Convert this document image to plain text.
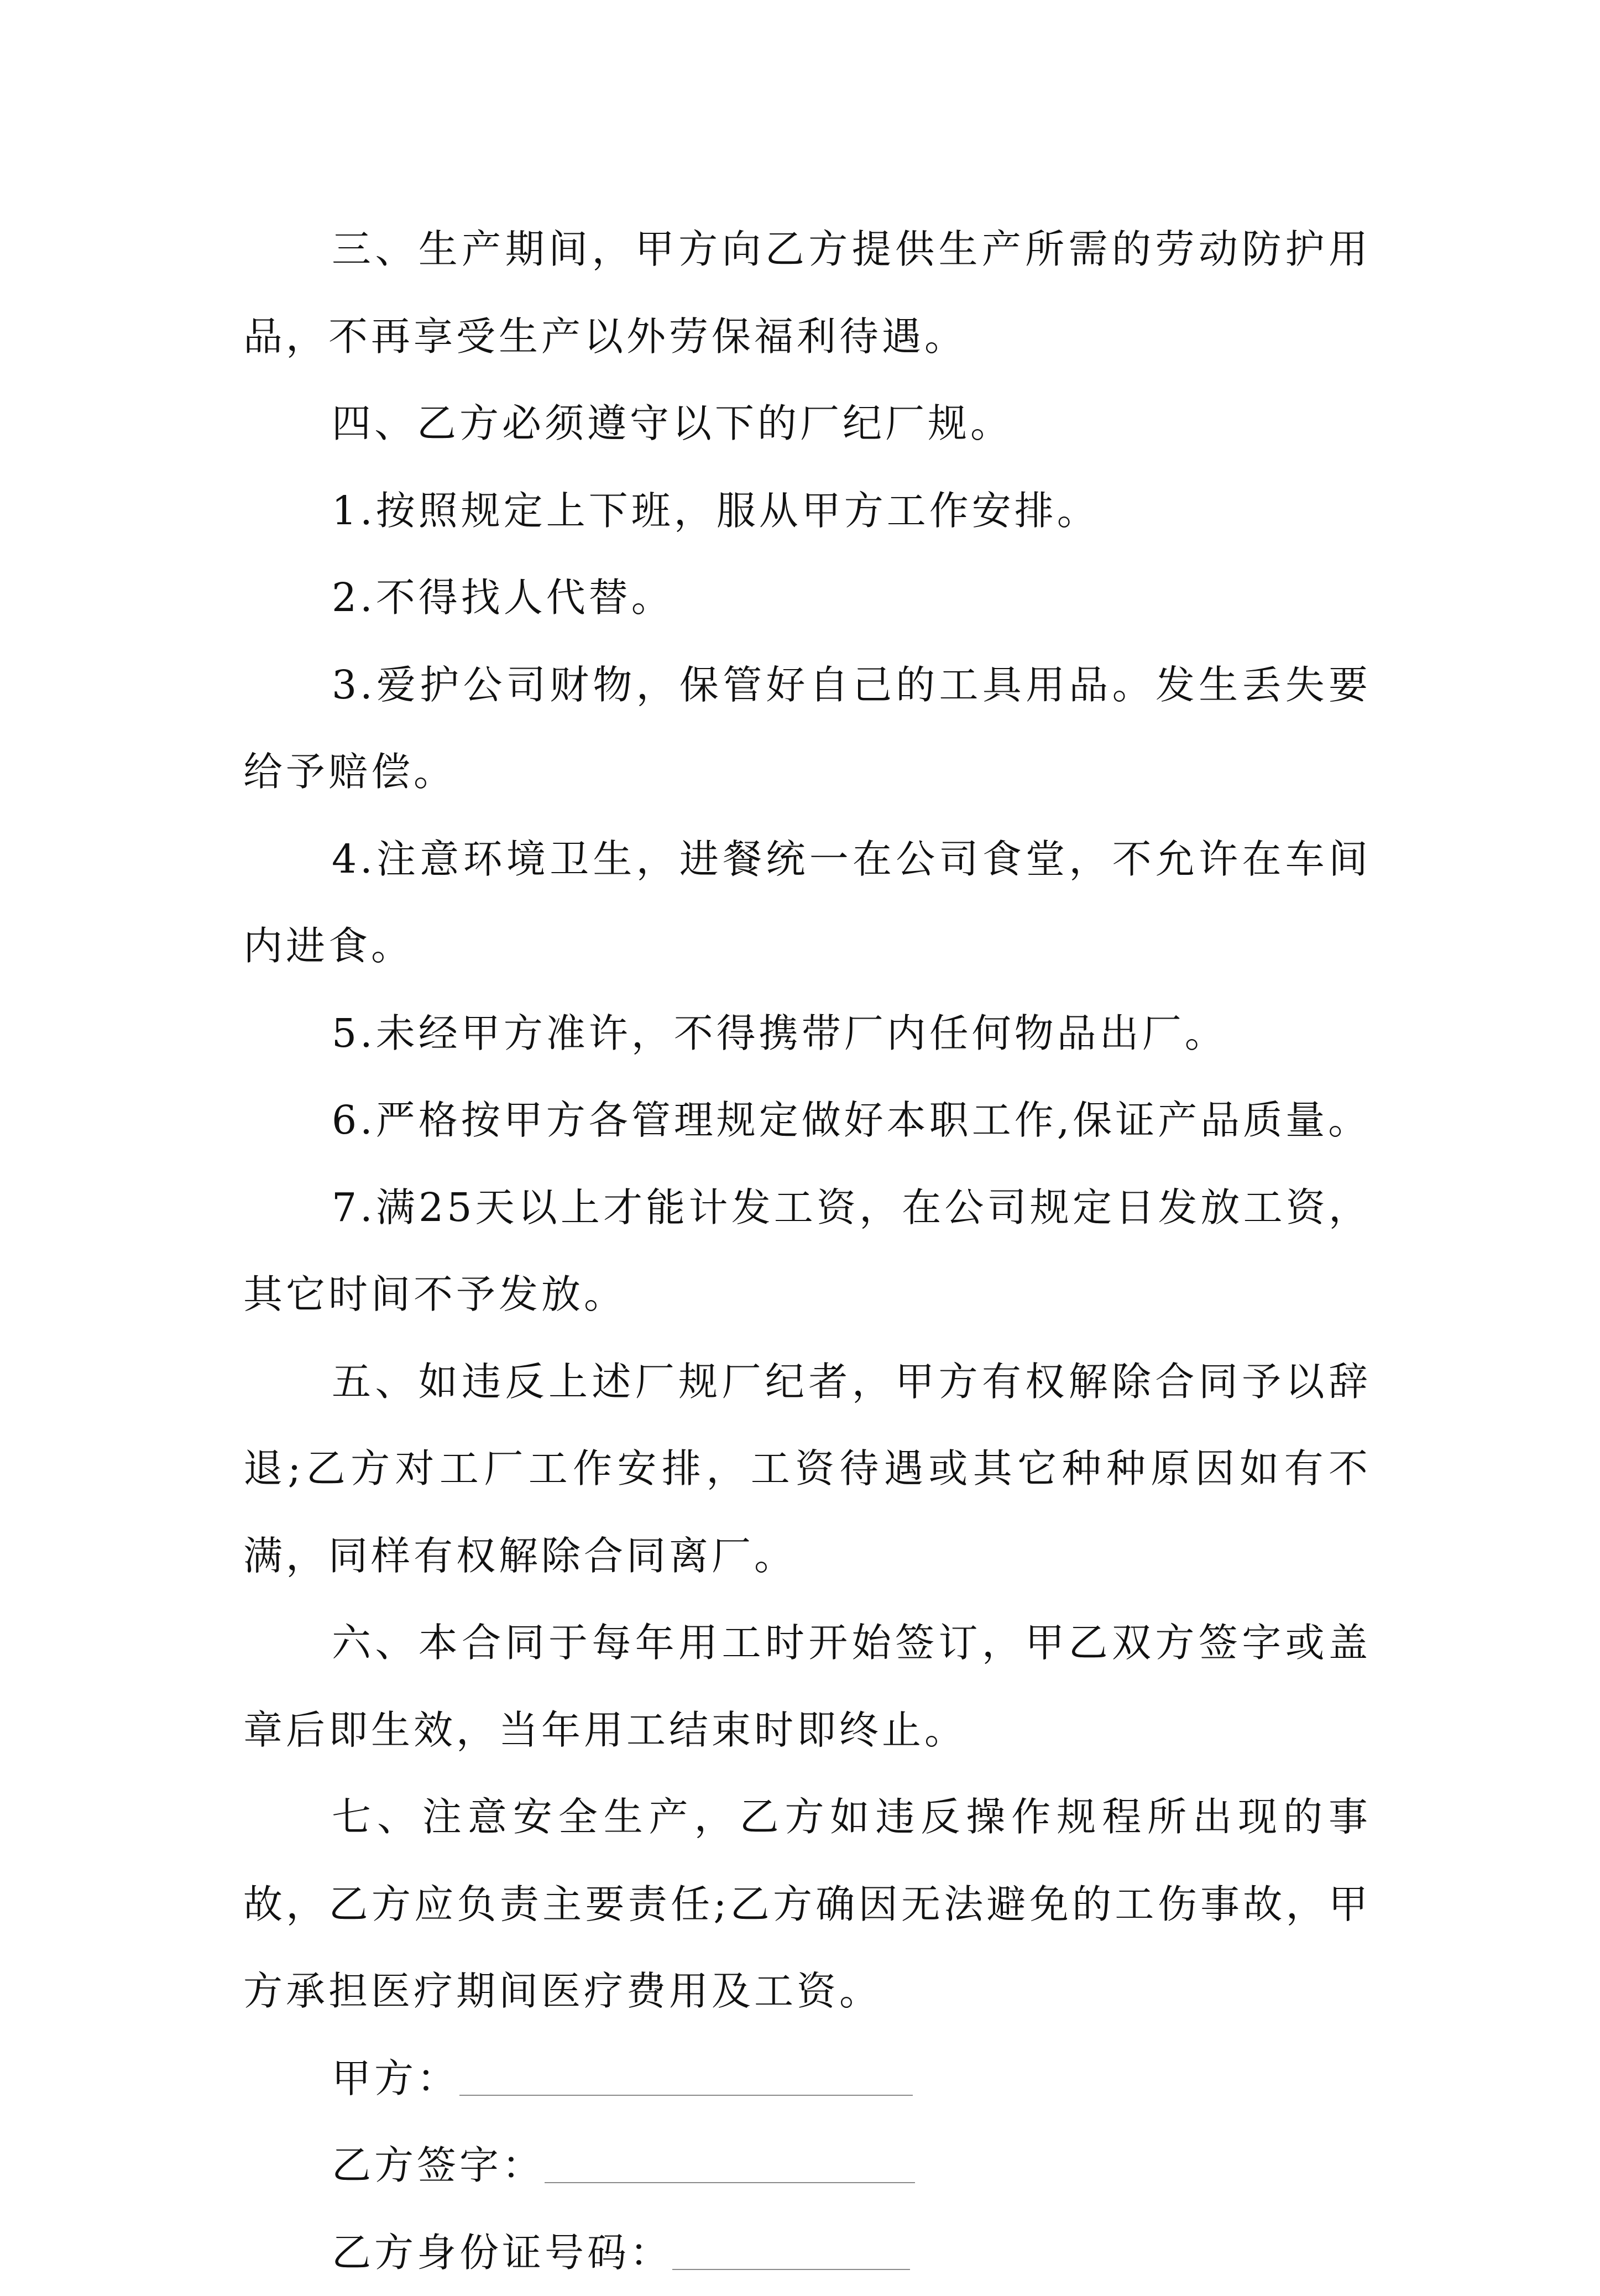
三、生产期间，甲方向乙方提供生产所需的劳动防护用品，不再享受生产以外劳保福利待遇。

四、乙方必须遵守以下的厂纪厂规。

1.按照规定上下班，服从甲方工作安排。

2.不得找人代替。

3.爱护公司财物，保管好自己的工具用品。发生丢失要给予赔偿。

4.注意环境卫生，进餐统一在公司食堂，不允许在车间内进食。

5.未经甲方准许，不得携带厂内任何物品出厂。

6.严格按甲方各管理规定做好本职工作,保证产品质量。

7.满25天以上才能计发工资，在公司规定日发放工资，其它时间不予发放。

五、如违反上述厂规厂纪者，甲方有权解除合同予以辞退;乙方对工厂工作安排，工资待遇或其它种种原因如有不满，同样有权解除合同离厂。

六、本合同于每年用工时开始签订，甲乙双方签字或盖章后即生效，当年用工结束时即终止。

七、注意安全生产，乙方如违反操作规程所出现的事故，乙方应负责主要责任;乙方确因无法避免的工伤事故，甲方承担医疗期间医疗费用及工资。

甲方：
乙方签字：
乙方身份证号码：
